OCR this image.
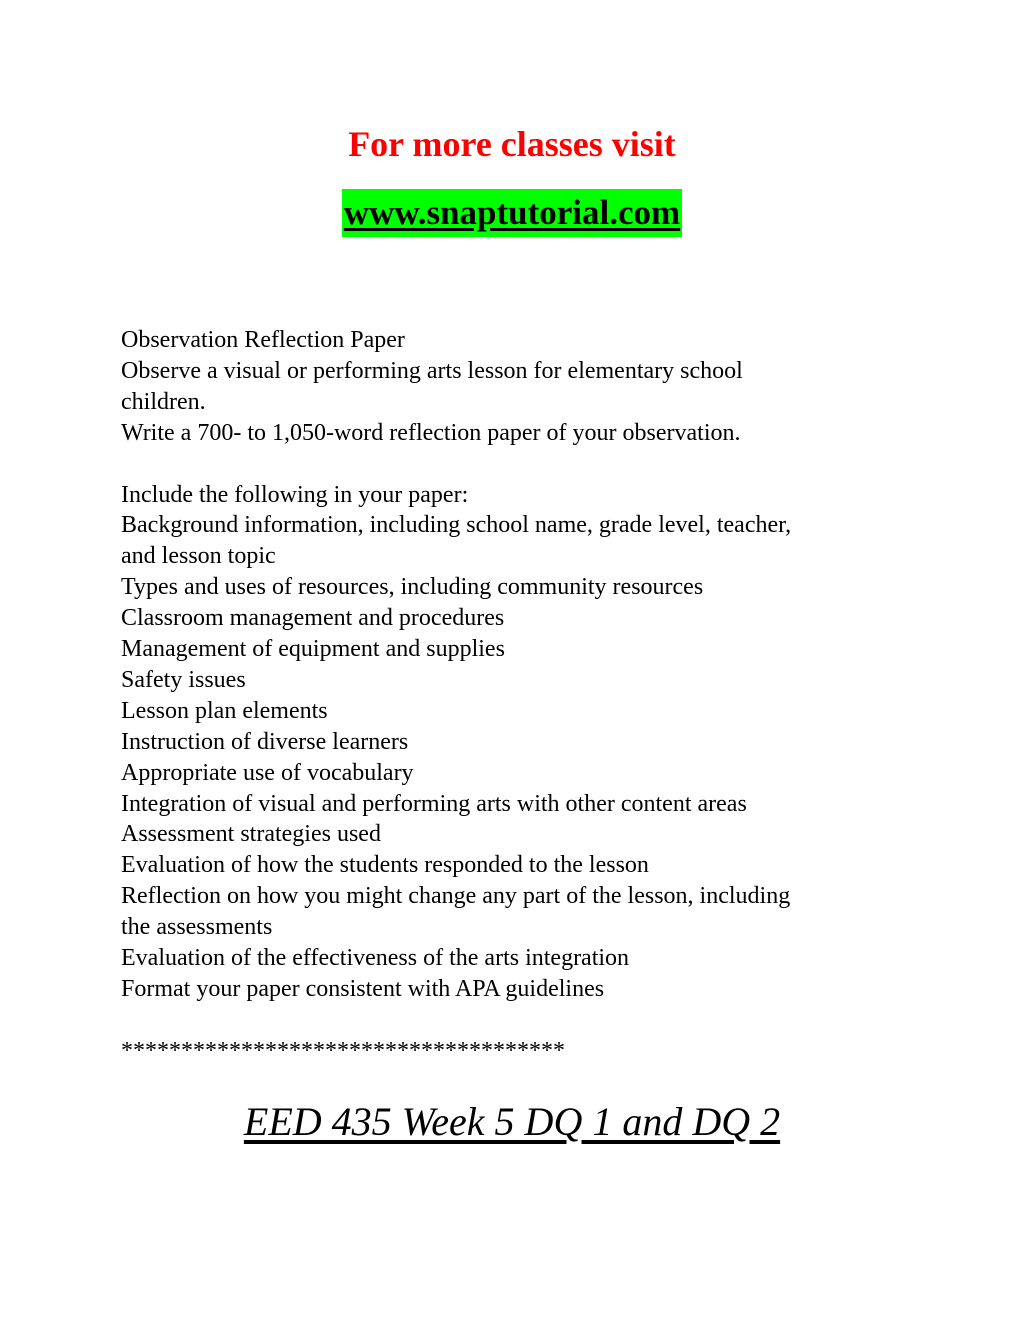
For more classes visit
www.snaptutorial.com
Observation Reflection Paper
Observe a visual or performing arts lesson for elementary school
children.
Write a 700- to 1,050-word reflection paper of your observation.
Include the following in your paper:
Background information, including school name, grade level, teacher,
and lesson topic
Types and uses of resources, including community resources
Classroom management and procedures
Management of equipment and supplies
Safety issues
Lesson plan elements
Instruction of diverse learners
Appropriate use of vocabulary
Integration of visual and performing arts with other content areas
Assessment strategies used
Evaluation of how the students responded to the lesson
Reflection on how you might change any part of the lesson, including
the assessments
Evaluation of the effectiveness of the arts integration
Format your paper consistent with APA guidelines
*************************************
EED 435 Week 5 DQ 1 and DQ 2
